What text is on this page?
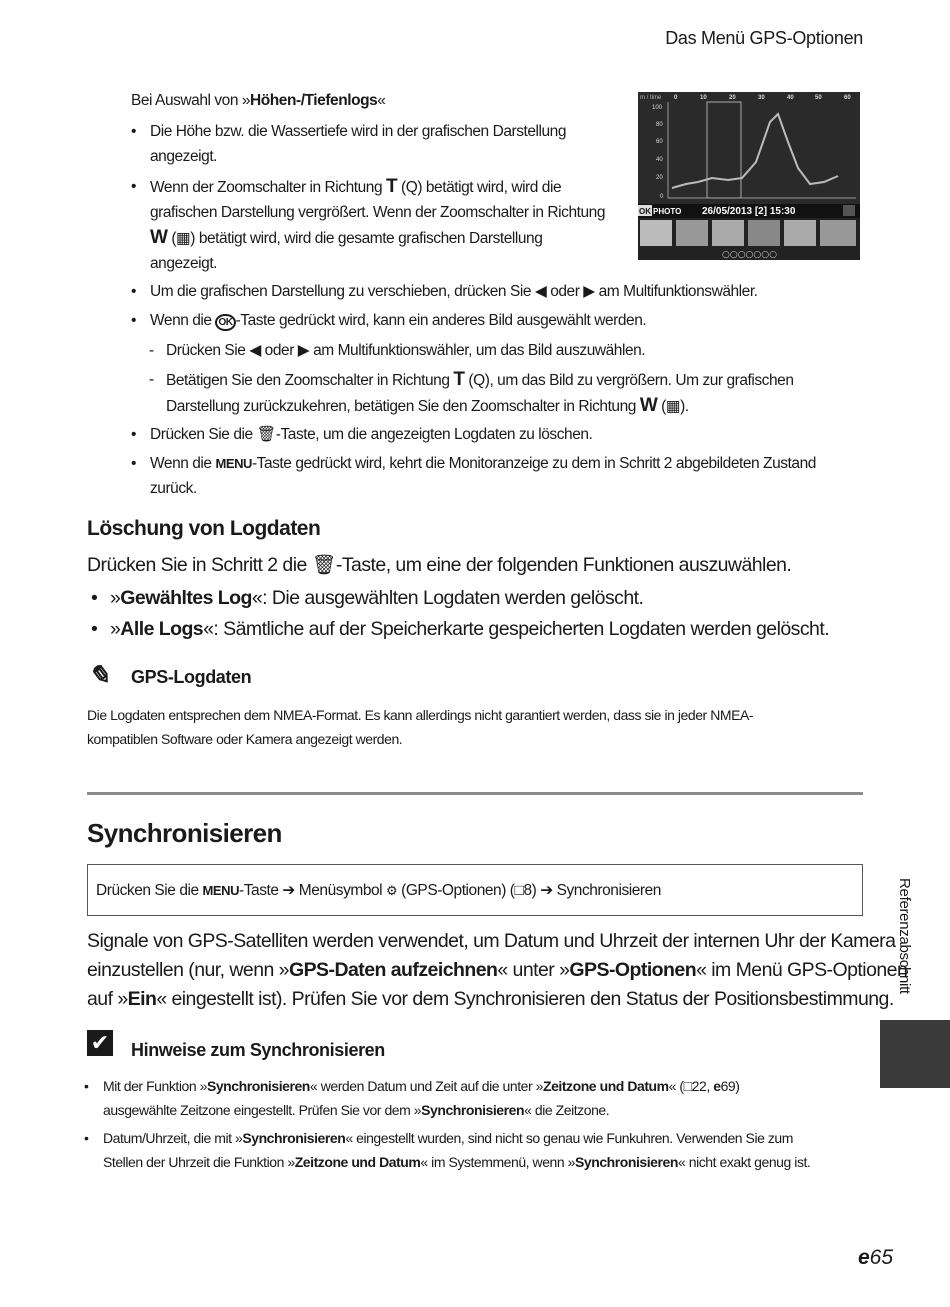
Das Menü GPS-Optionen
Bei Auswahl von »Höhen-/Tiefenlogs«
• Die Höhe bzw. die Wassertiefe wird in der grafischen Darstellung
angezeigt.
• Wenn der Zoomschalter in Richtung T (Q) betätigt wird, wird die
grafischen Darstellung vergrößert. Wenn der Zoomschalter in Richtung
W (▦) betätigt wird, wird die gesamte grafischen Darstellung
angezeigt.
• Um die grafischen Darstellung zu verschieben, drücken Sie ◀ oder ▶ am Multifunktionswähler.
• Wenn die OK -Taste gedrückt wird, kann ein anderes Bild ausgewählt werden.
- Drücken Sie ◀ oder ▶ am Multifunktionswähler, um das Bild auszuwählen.
- Betätigen Sie den Zoomschalter in Richtung T (Q), um das Bild zu vergrößern. Um zur grafischen
Darstellung zurückzukehren, betätigen Sie den Zoomschalter in Richtung W (▦).
• Drücken Sie die 🗑-Taste, um die angezeigten Logdaten zu löschen.
• Wenn die MENU-Taste gedrückt wird, kehrt die Monitoranzeige zu dem in Schritt 2 abgebildeten Zustand
zurück.
m / time 0	10	20	30	40	50	60
100
80
60
40
20
0
OK PHOTO 26/05/2013 [2] 15:30
○○○○○○○
Löschung von Logdaten
Drücken Sie in Schritt 2 die 🗑-Taste, um eine der folgenden Funktionen auszuwählen.
• »Gewähltes Log«: Die ausgewählten Logdaten werden gelöscht.
• »Alle Logs«: Sämtliche auf der Speicherkarte gespeicherten Logdaten werden gelöscht.
✎ GPS-Logdaten
Die Logdaten entsprechen dem NMEA-Format. Es kann allerdings nicht garantiert werden, dass sie in jeder NMEA-
kompatiblen Software oder Kamera angezeigt werden.
Synchronisieren
Drücken Sie die MENU-Taste ➔ Menüsymbol ⚙ (GPS-Optionen) (□8) ➔ Synchronisieren
Signale von GPS-Satelliten werden verwendet, um Datum und Uhrzeit der internen Uhr der Kamera
einzustellen (nur, wenn »GPS-Daten aufzeichnen« unter »GPS-Optionen« im Menü GPS-Optionen
auf »Ein« eingestellt ist). Prüfen Sie vor dem Synchronisieren den Status der Positionsbestimmung.
✔ Hinweise zum Synchronisieren
• Mit der Funktion »Synchronisieren« werden Datum und Zeit auf die unter »Zeitzone und Datum« (□22, e69)
ausgewählte Zeitzone eingestellt. Prüfen Sie vor dem »Synchronisieren« die Zeitzone.
• Datum/Uhrzeit, die mit »Synchronisieren« eingestellt wurden, sind nicht so genau wie Funkuhren. Verwenden Sie zum
Stellen der Uhrzeit die Funktion »Zeitzone und Datum« im Systemmenü, wenn »Synchronisieren« nicht exakt genug ist.
Referenzabschnitt
e65
